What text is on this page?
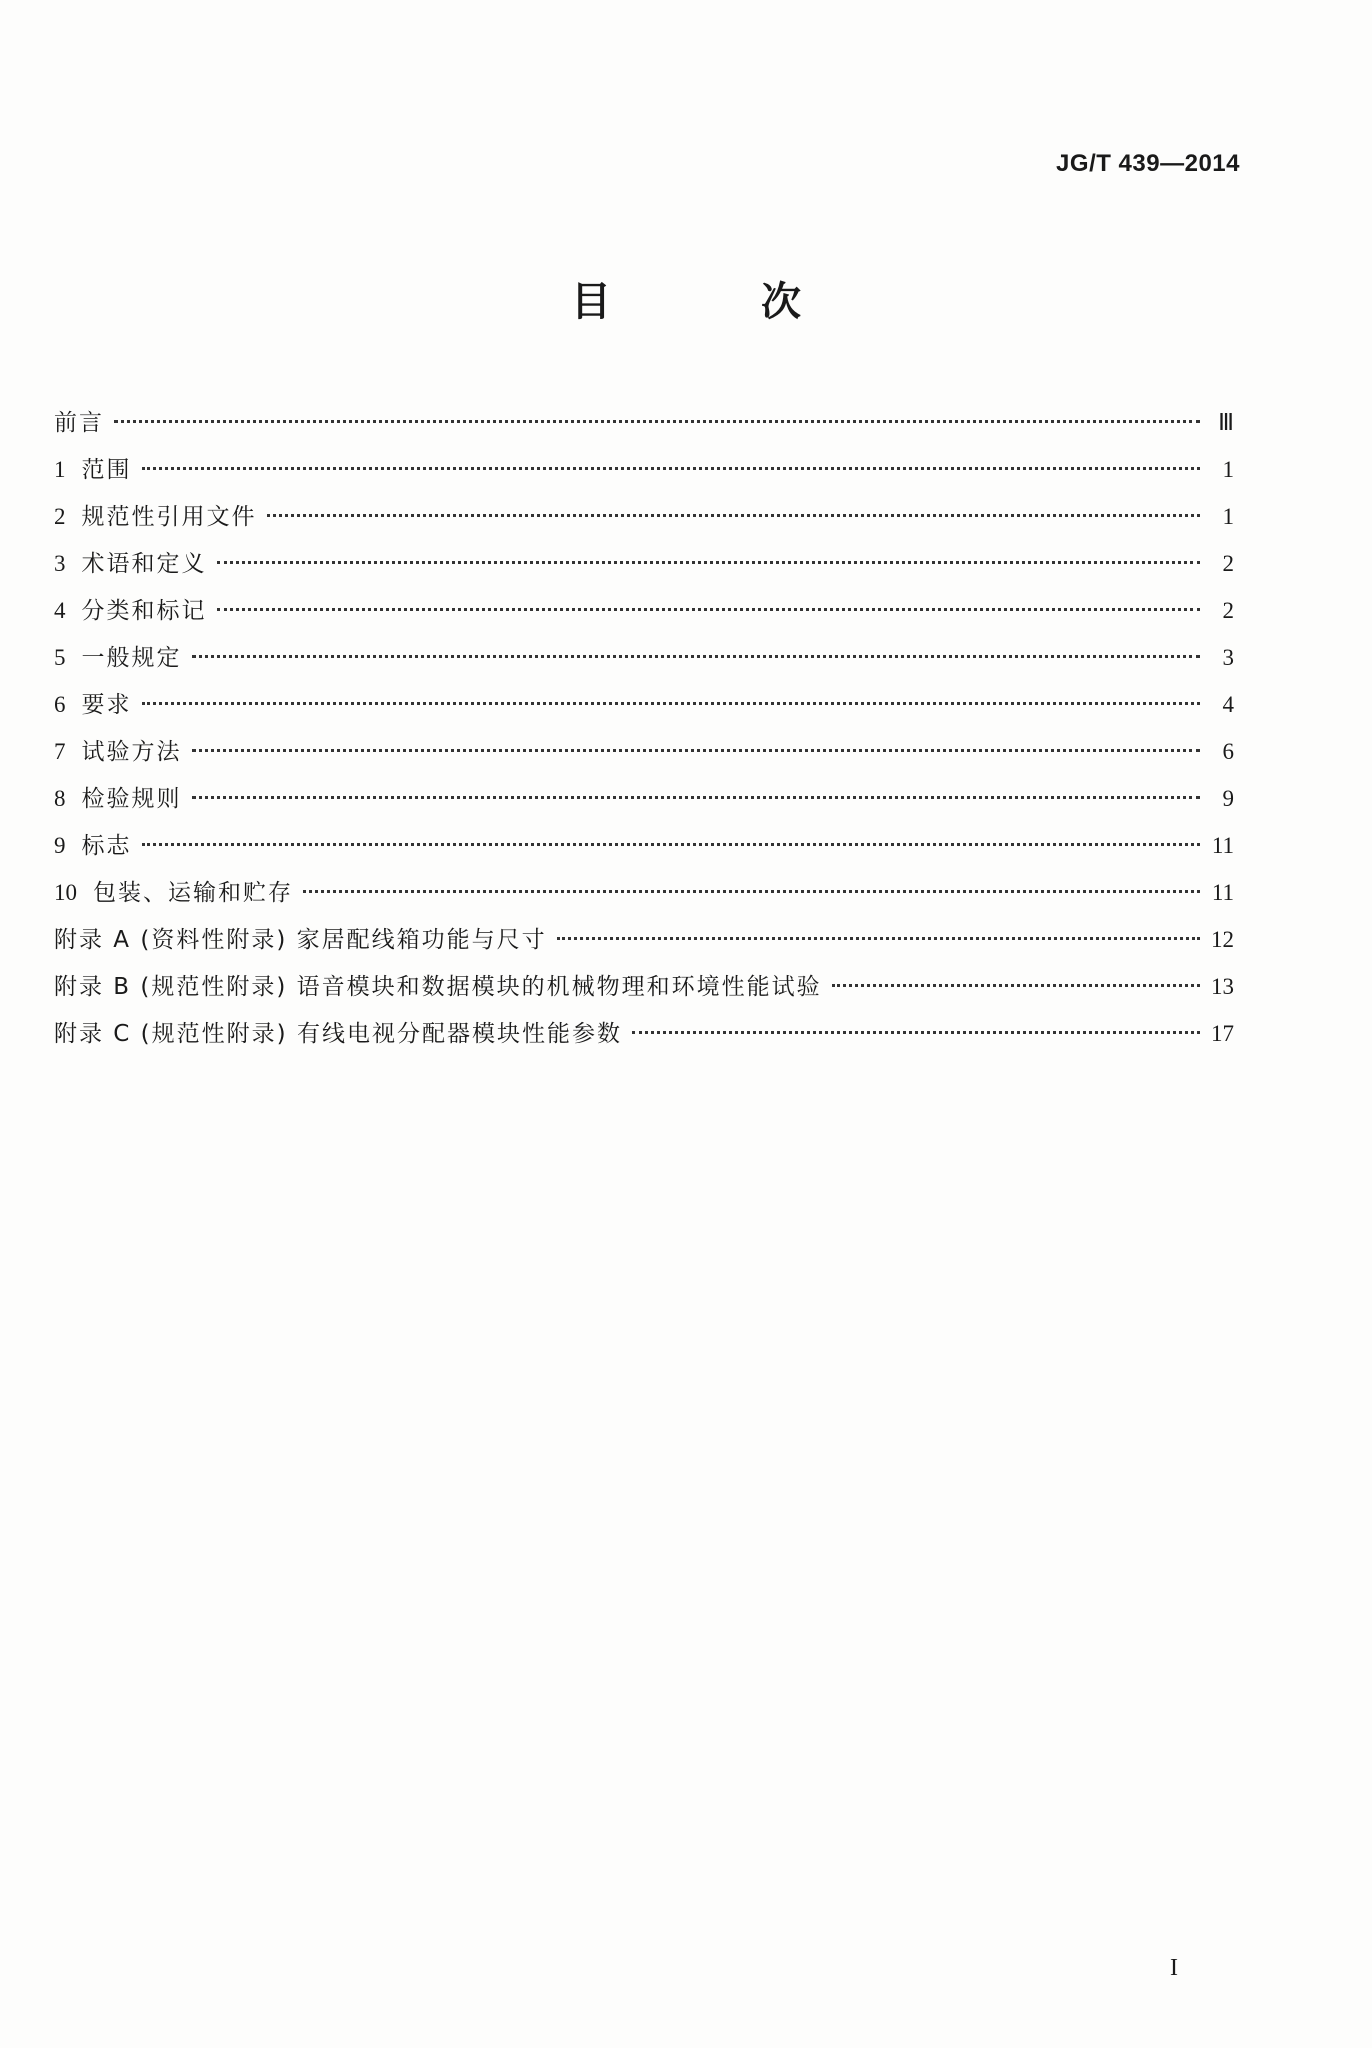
JG/T 439—2014
目 次
前言	Ⅲ
1 范围	1
2 规范性引用文件	1
3 术语和定义	2
4 分类和标记	2
5 一般规定	3
6 要求	4
7 试验方法	6
8 检验规则	9
9 标志	11
10 包装、运输和贮存	11
附录 A (资料性附录) 家居配线箱功能与尺寸	12
附录 B (规范性附录) 语音模块和数据模块的机械物理和环境性能试验	13
附录 C (规范性附录) 有线电视分配器模块性能参数	17
I
